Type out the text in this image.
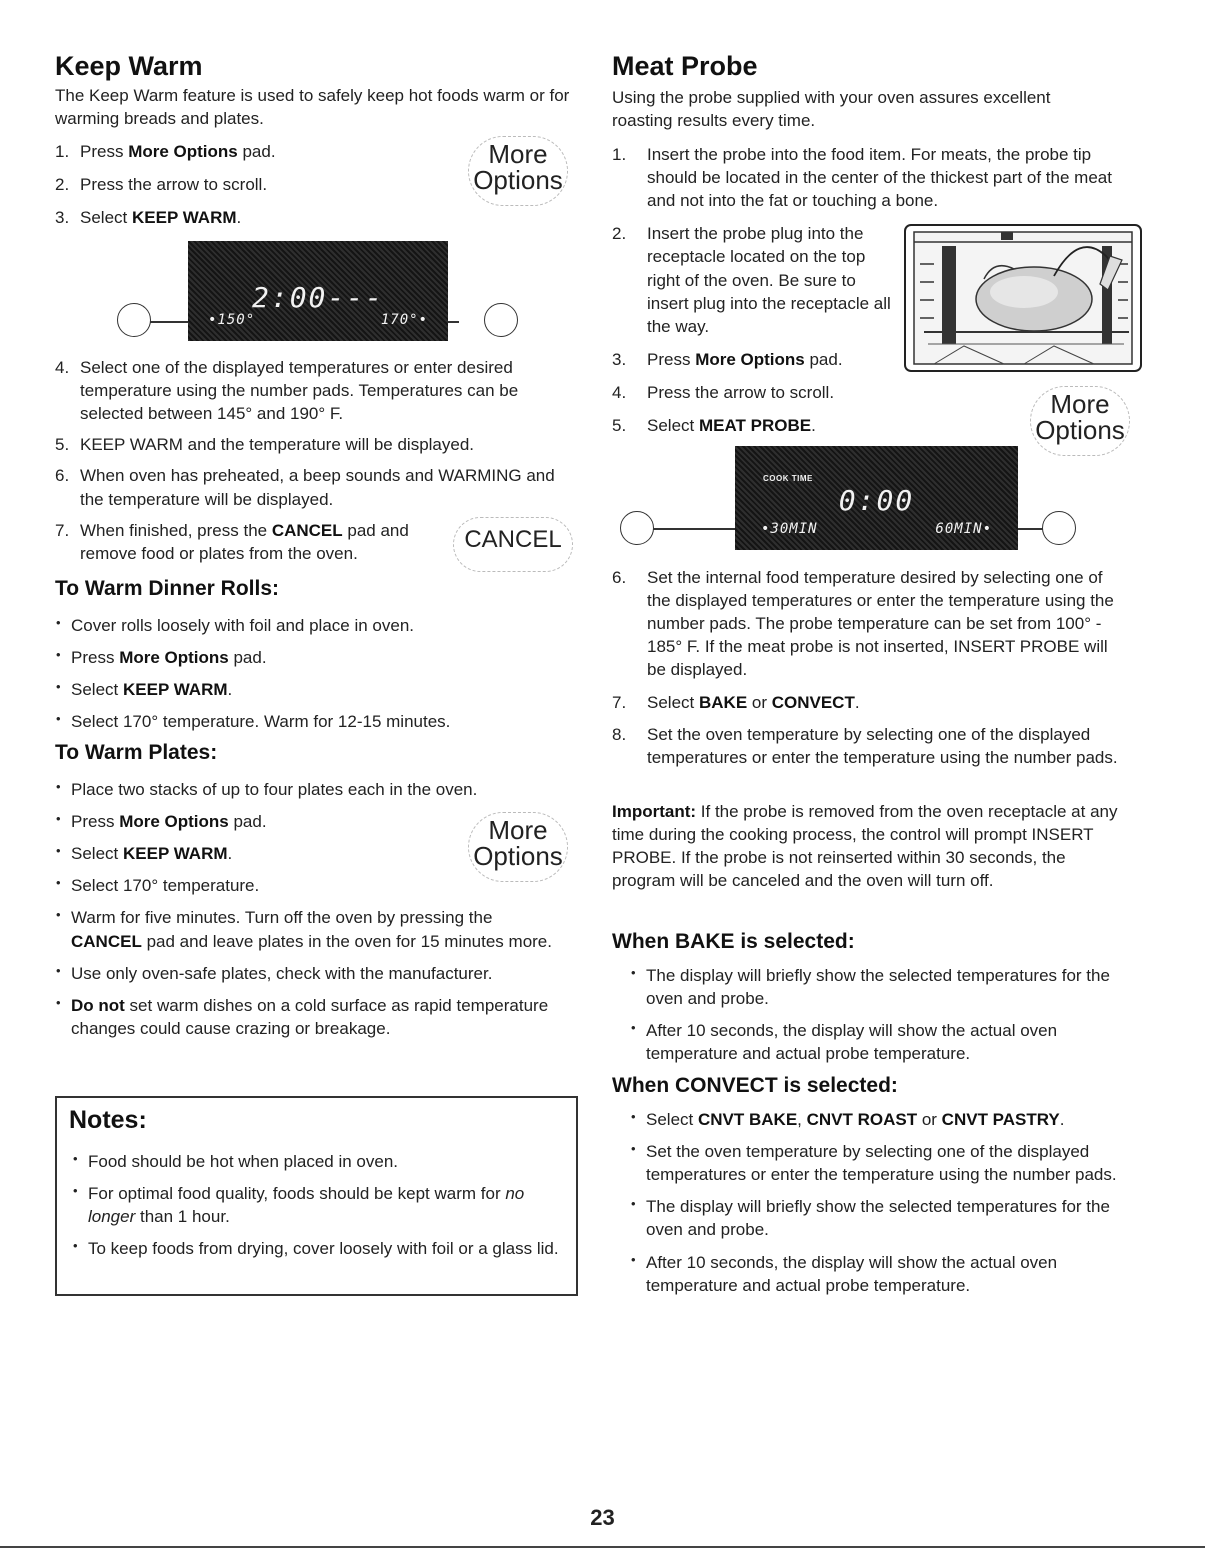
Keep Warm

The Keep Warm feature is used to safely keep hot foods warm or for warming breads and plates.

1. Press More Options pad.
2. Press the arrow to scroll.
3. Select KEEP WARM.
More
Options
2:00---
•150°	170°•
4. Select one of the displayed temperatures or enter desired temperature using the number pads. Temperatures can be selected between 145° and 190° F.
5. KEEP WARM and the temperature will be displayed.
6. When oven has preheated, a beep sounds and WARMING and the temperature will be displayed.
7. When finished, press the CANCEL pad and remove food or plates from the oven.
CANCEL
To Warm Dinner Rolls:
• Cover rolls loosely with foil and place in oven.
• Press More Options pad.
• Select KEEP WARM.
• Select 170° temperature. Warm for 12-15 minutes.
To Warm Plates:
• Place two stacks of up to four plates each in the oven.
• Press More Options pad.
• Select KEEP WARM.
• Select 170° temperature.
• Warm for five minutes. Turn off the oven by pressing the CANCEL pad and leave plates in the oven for 15 minutes more.
• Use only oven-safe plates, check with the manufacturer.
• Do not set warm dishes on a cold surface as rapid temperature changes could cause crazing or breakage.
More
Options
Notes:
• Food should be hot when placed in oven.
• For optimal food quality, foods should be kept warm for no longer than 1 hour.
• To keep foods from drying, cover loosely with foil or a glass lid.
Meat Probe

Using the probe supplied with your oven assures excellent roasting results every time.

1. Insert the probe into the food item. For meats, the probe tip should be located in the center of the thickest part of the meat and not into the fat or touching a bone.
2. Insert the probe plug into the receptacle located on the top right of the oven. Be sure to insert plug into the receptacle all the way.
3. Press More Options pad.
4. Press the arrow to scroll.
5. Select MEAT PROBE.
More
Options
COOK TIME
0:00
•30MIN	60MIN•
6. Set the internal food temperature desired by selecting one of the displayed temperatures or enter the temperature using the number pads. The probe temperature can be set from 100° - 185° F. If the meat probe is not inserted, INSERT PROBE will be displayed.
7. Select BAKE or CONVECT.
8. Set the oven temperature by selecting one of the displayed temperatures or enter the temperature using the number pads.

Important: If the probe is removed from the oven receptacle at any time during the cooking process, the control will prompt INSERT PROBE. If the probe is not reinserted within 30 seconds, the program will be canceled and the oven will turn off.

When BAKE is selected:
• The display will briefly show the selected temperatures for the oven and probe.
• After 10 seconds, the display will show the actual oven temperature and actual probe temperature.
When CONVECT is selected:
• Select CNVT BAKE, CNVT ROAST or CNVT PASTRY.
• Set the oven temperature by selecting one of the displayed temperatures or enter the temperature using the number pads.
• The display will briefly show the selected temperatures for the oven and probe.
• After 10 seconds, the display will show the actual oven temperature and actual probe temperature.
23
